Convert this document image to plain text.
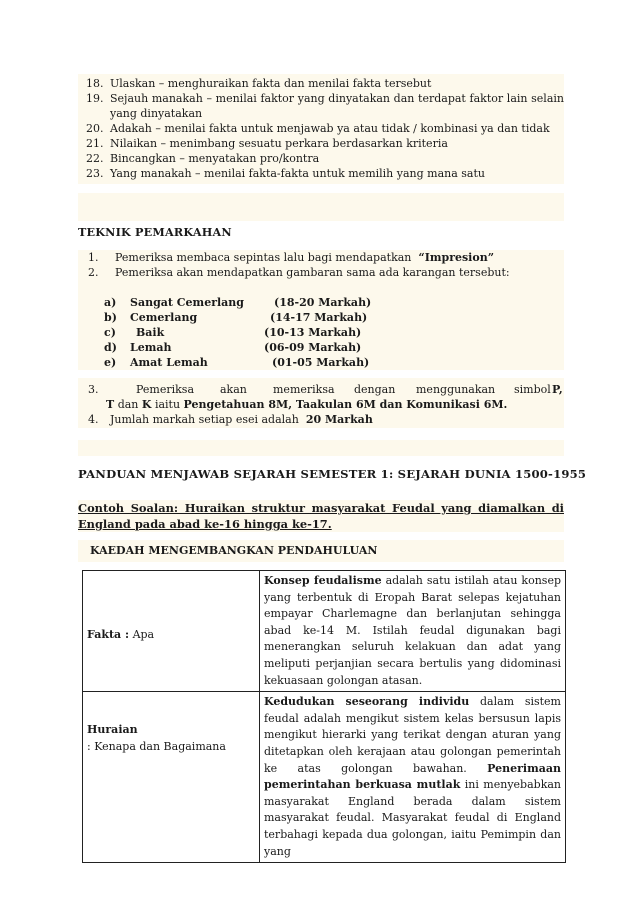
18. Ulaskan – menghuraikan fakta dan menilai fakta tersebut
19. Sejauh manakah – menilai faktor yang dinyatakan dan terdapat faktor lain selain yang dinyatakan
20. Adakah – menilai fakta untuk menjawab ya atau tidak / kombinasi ya dan tidak
21. Nilaikan – menimbang sesuatu perkara berdasarkan kriteria
22. Bincangkan – menyatakan pro/kontra
23. Yang manakah – menilai fakta-fakta untuk memilih yang mana satu
TEKNIK PEMARKAHAN
1. Pemeriksa membaca sepintas lalu bagi mendapatkan “Impresion”
2. Pemeriksa akan mendapatkan gambaran sama ada karangan tersebut:
a) Sangat Cemerlang	(18-20 Markah)
b) Cemerlang	(14-17 Markah)
c) Baik	(10-13 Markah)
d) Lemah	(06-09 Markah)
e) Amat Lemah	(01-05 Markah)
3.	Pemeriksa akan memeriksa dengan menggunakan simbol P,
T dan K iaitu Pengetahuan 8M, Taakulan 6M dan Komunikasi 6M.
4. Jumlah markah setiap esei adalah 20 Markah
PANDUAN MENJAWAB SEJARAH SEMESTER 1: SEJARAH DUNIA 1500-1955
Contoh Soalan: Huraikan struktur masyarakat Feudal yang diamalkan di England pada abad ke-16 hingga ke-17.
KAEDAH MENGEMBANGKAN PENDAHULUAN
Fakta : Apa	Konsep feudalisme adalah satu istilah atau konsep yang terbentuk di Eropah Barat selepas kejatuhan empayar Charlemagne dan berlanjutan sehingga abad ke-14 M. Istilah feudal digunakan bagi menerangkan seluruh kelakuan dan adat yang meliputi perjanjian secara bertulis yang didominasi kekuasaan golongan atasan.

Huraian
: Kenapa dan Bagaimana	Kedudukan seseorang individu dalam sistem feudal adalah mengikut sistem kelas bersusun lapis mengikut hierarki yang terikat dengan aturan yang ditetapkan oleh kerajaan atau golongan pemerintah ke atas golongan bawahan. Penerimaan pemerintahan berkuasa mutlak ini menyebabkan masyarakat England berada dalam sistem masyarakat feudal. Masyarakat feudal di England terbahagi kepada dua golongan, iaitu Pemimpin dan yang
